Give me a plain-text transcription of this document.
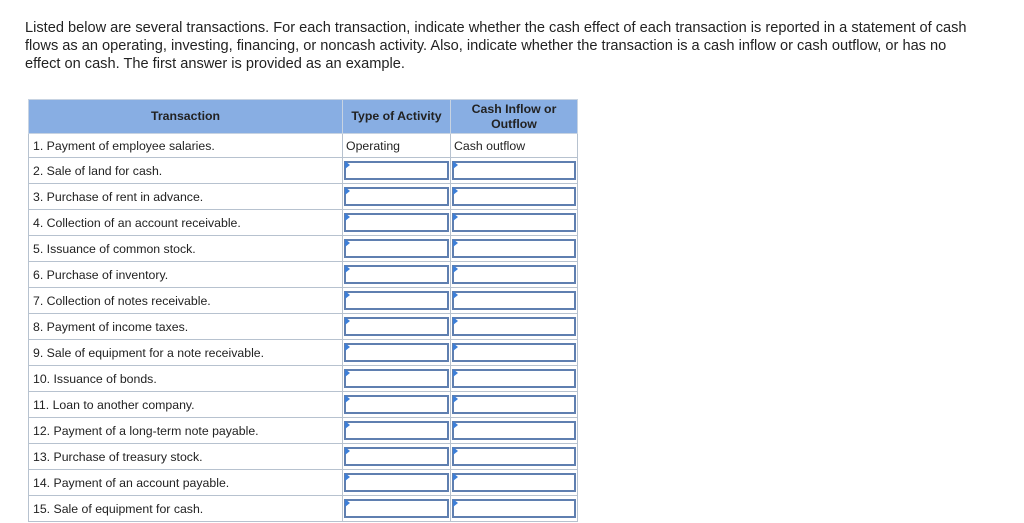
Listed below are several transactions. For each transaction, indicate whether the cash effect of each transaction is reported in a statement of cash flows as an operating, investing, financing, or noncash activity. Also, indicate whether the transaction is a cash inflow or cash outflow, or has no effect on cash. The first answer is provided as an example.

Transaction	Type of Activity	Cash Inflow or Outflow
1. Payment of employee salaries.	Operating	Cash outflow
2. Sale of land for cash.	

3. Purchase of rent in advance.	

4. Collection of an account receivable.	

5. Issuance of common stock.	

6. Purchase of inventory.	

7. Collection of notes receivable.	

8. Payment of income taxes.	

9. Sale of equipment for a note receivable.	

10. Issuance of bonds.	

11. Loan to another company.	

12. Payment of a long-term note payable.	

13. Purchase of treasury stock.	

14. Payment of an account payable.	

15. Sale of equipment for cash.	
